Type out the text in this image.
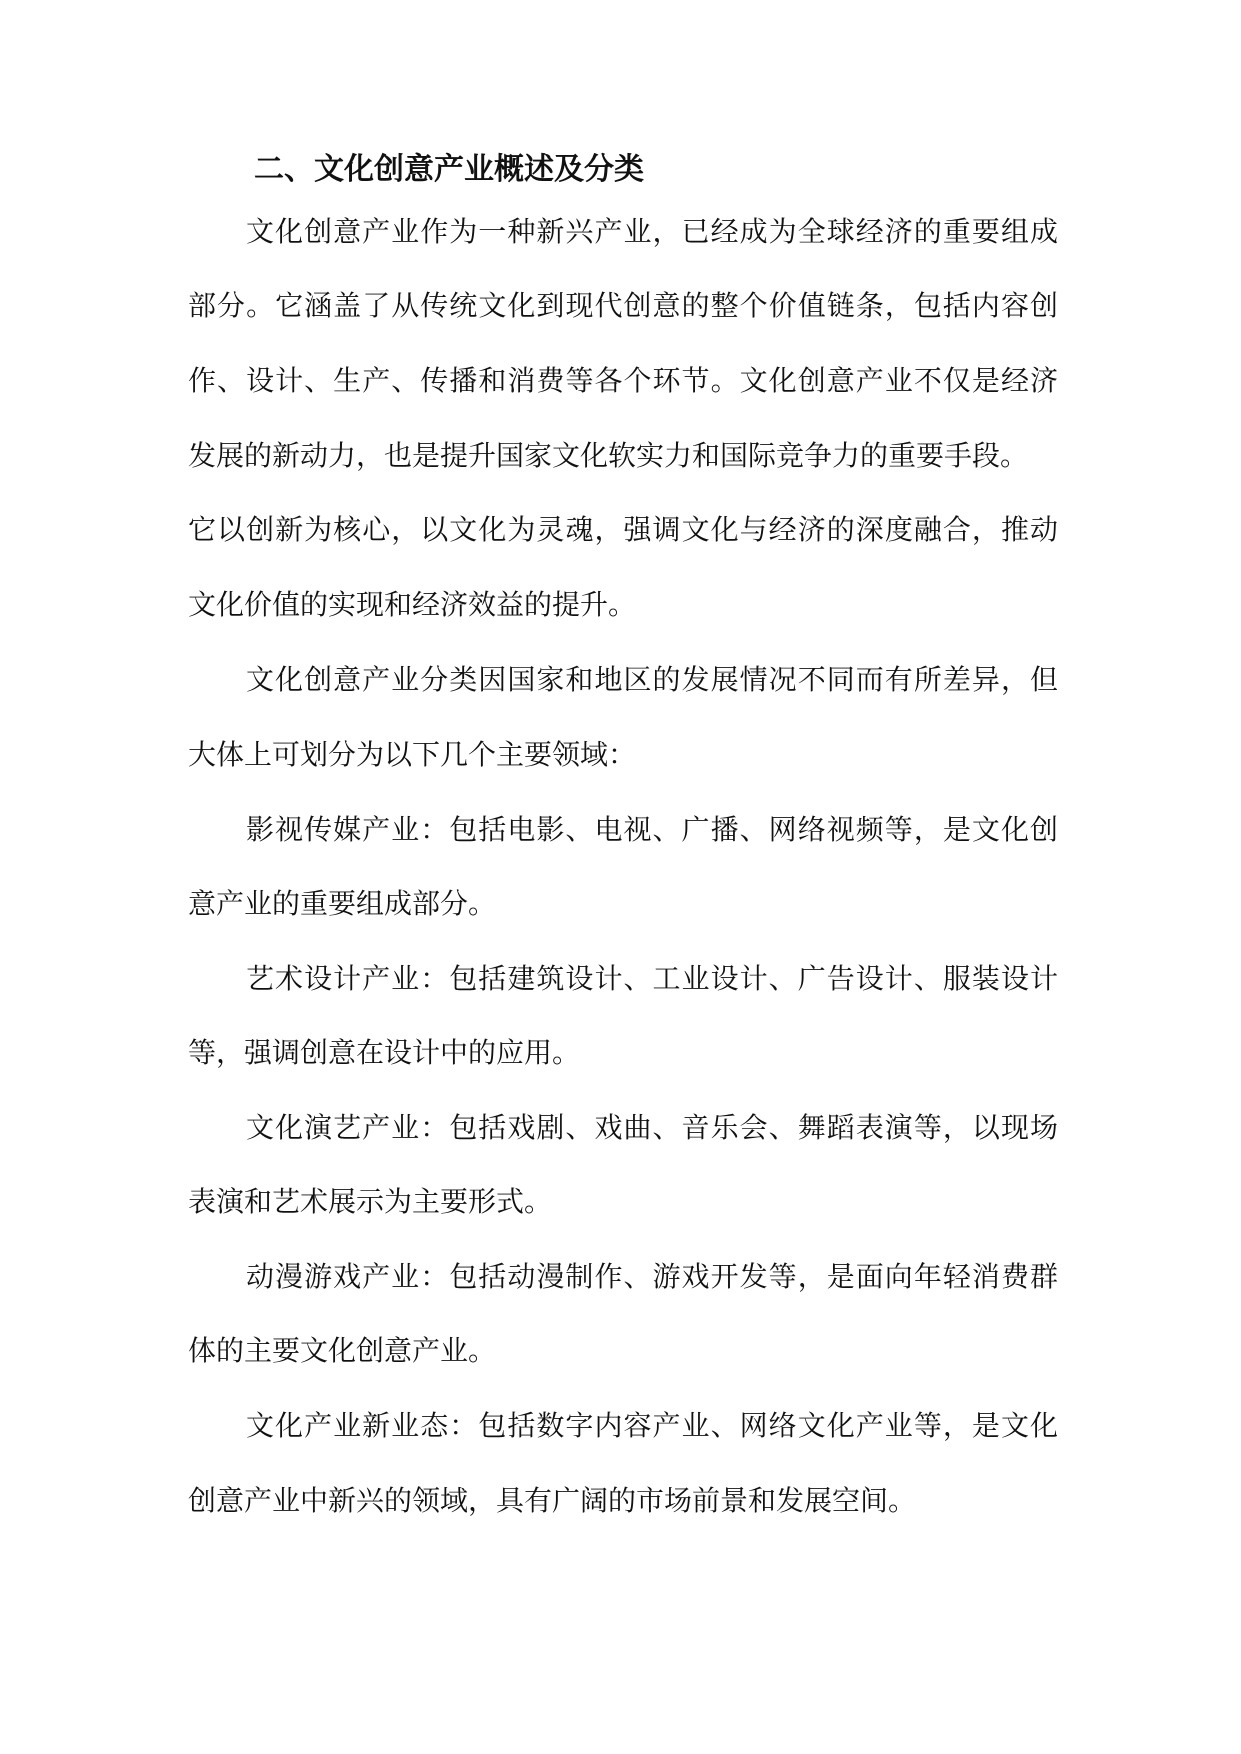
二、文化创意产业概述及分类

文化创意产业作为一种新兴产业，已经成为全球经济的重要组成

部分。它涵盖了从传统文化到现代创意的整个价值链条，包括内容创

作、设计、生产、传播和消费等各个环节。文化创意产业不仅是经济

发展的新动力，也是提升国家文化软实力和国际竞争力的重要手段。

它以创新为核心，以文化为灵魂，强调文化与经济的深度融合，推动

文化价值的实现和经济效益的提升。

文化创意产业分类因国家和地区的发展情况不同而有所差异，但

大体上可划分为以下几个主要领域：

影视传媒产业：包括电影、电视、广播、网络视频等，是文化创

意产业的重要组成部分。

艺术设计产业：包括建筑设计、工业设计、广告设计、服装设计

等，强调创意在设计中的应用。

文化演艺产业：包括戏剧、戏曲、音乐会、舞蹈表演等，以现场

表演和艺术展示为主要形式。

动漫游戏产业：包括动漫制作、游戏开发等，是面向年轻消费群

体的主要文化创意产业。

文化产业新业态：包括数字内容产业、网络文化产业等，是文化

创意产业中新兴的领域，具有广阔的市场前景和发展空间。
